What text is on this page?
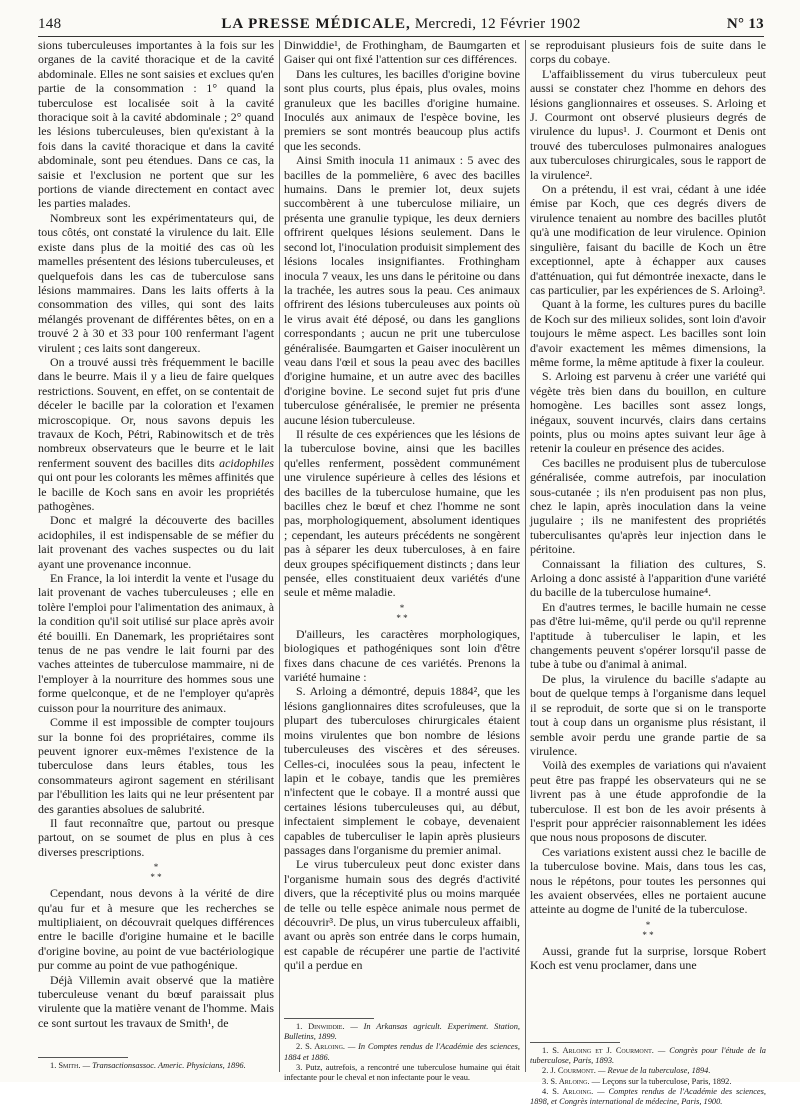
148	LA PRESSE MÉDICALE, Mercredi, 12 Février 1902	N° 13

sions tuberculeuses importantes à la fois sur les organes de la cavité thoracique et de la cavité abdominale. Elles ne sont saisies et exclues qu'en partie de la consommation : 1° quand la tuberculose est localisée soit à la cavité thoracique soit à la cavité abdominale ; 2° quand les lésions tuberculeuses, bien qu'existant à la fois dans la cavité thoracique et dans la cavité abdominale, sont peu étendues. Dans ce cas, la saisie et l'exclusion ne portent que sur les portions de viande directement en contact avec les parties malades.

Nombreux sont les expérimentateurs qui, de tous côtés, ont constaté la virulence du lait. Elle existe dans plus de la moitié des cas où les mamelles présentent des lésions tuberculeuses, et quelquefois dans les cas de tuberculose sans lésions mammaires. Dans les laits offerts à la consommation des villes, qui sont des laits mélangés provenant de différentes bêtes, on en a trouvé 2 à 30 et 33 pour 100 renfermant l'agent virulent ; ces laits sont dangereux.

On a trouvé aussi très fréquemment le bacille dans le beurre. Mais il y a lieu de faire quelques restrictions. Souvent, en effet, on se contentait de déceler le bacille par la coloration et l'examen microscopique. Or, nous savons depuis les travaux de Koch, Pétri, Rabinowitsch et de très nombreux observateurs que le beurre et le lait renferment souvent des bacilles dits acidophiles qui ont pour les colorants les mêmes affinités que le bacille de Koch sans en avoir les propriétés pathogènes.

Donc et malgré la découverte des bacilles acidophiles, il est indispensable de se méfier du lait provenant des vaches suspectes ou du lait ayant une provenance inconnue.

En France, la loi interdit la vente et l'usage du lait provenant de vaches tuberculeuses ; elle en tolère l'emploi pour l'alimentation des animaux, à la condition qu'il soit utilisé sur place après avoir été bouilli. En Danemark, les propriétaires sont tenus de ne pas vendre le lait fourni par des vaches atteintes de tuberculose mammaire, ni de l'employer à la nourriture des hommes sous une forme quelconque, et de ne l'employer qu'après cuisson pour la nourriture des animaux.

Comme il est impossible de compter toujours sur la bonne foi des propriétaires, comme ils peuvent ignorer eux-mêmes l'existence de la tuberculose dans leurs étables, tous les consommateurs agiront sagement en stérilisant par l'ébullition les laits qui ne leur présentent par des garanties absolues de salubrité.

Il faut reconnaître que, partout ou presque partout, on se soumet de plus en plus à ces diverses prescriptions.

*
* *

Cependant, nous devons à la vérité de dire qu'au fur et à mesure que les recherches se multipliaient, on découvrait quelques différences entre le bacille d'origine humaine et le bacille d'origine bovine, au point de vue bactériologique pur comme au point de vue pathogénique.

Déjà Villemin avait observé que la matière tuberculeuse venant du bœuf paraissait plus virulente que la matière venant de l'homme. Mais ce sont surtout les travaux de Smith¹, de

1. Smith. — Transactionsassoc. Americ. Physicians, 1896.

Dinwiddie¹, de Frothingham, de Baumgarten et Gaiser qui ont fixé l'attention sur ces différences.

Dans les cultures, les bacilles d'origine bovine sont plus courts, plus épais, plus ovales, moins granuleux que les bacilles d'origine humaine. Inoculés aux animaux de l'espèce bovine, les premiers se sont montrés beaucoup plus actifs que les seconds.

Ainsi Smith inocula 11 animaux : 5 avec des bacilles de la pommelière, 6 avec des bacilles humains. Dans le premier lot, deux sujets succombèrent à une tuberculose miliaire, un présenta une granulie typique, les deux derniers offrirent quelques lésions seulement. Dans le second lot, l'inoculation produisit simplement des lésions locales insignifiantes. Frothingham inocula 7 veaux, les uns dans le péritoine ou dans la trachée, les autres sous la peau. Ces animaux offrirent des lésions tuberculeuses aux points où le virus avait été déposé, ou dans les ganglions correspondants ; aucun ne prit une tuberculose généralisée. Baumgarten et Gaiser inoculèrent un veau dans l'œil et sous la peau avec des bacilles d'origine humaine, et un autre avec des bacilles d'origine bovine. Le second sujet fut pris d'une tuberculose généralisée, le premier ne présenta aucune lésion tuberculeuse.

Il résulte de ces expériences que les lésions de la tuberculose bovine, ainsi que les bacilles qu'elles renferment, possèdent communément une virulence supérieure à celles des lésions et des bacilles de la tuberculose humaine, que les bacilles chez le bœuf et chez l'homme ne sont pas, morphologiquement, absolument identiques ; cependant, les auteurs précédents ne songèrent pas à séparer les deux tuberculoses, à en faire deux groupes spécifiquement distincts ; dans leur pensée, elles constituaient deux variétés d'une seule et même maladie.

*
* *

D'ailleurs, les caractères morphologiques, biologiques et pathogéniques sont loin d'être fixes dans chacune de ces variétés. Prenons la variété humaine :

S. Arloing a démontré, depuis 1884², que les lésions ganglionnaires dites scrofuleuses, que la plupart des tuberculoses chirurgicales étaient moins virulentes que bon nombre de lésions tuberculeuses des viscères et des séreuses. Celles-ci, inoculées sous la peau, infectent le lapin et le cobaye, tandis que les premières n'infectent que le cobaye. Il a montré aussi que certaines lésions tuberculeuses qui, au début, infectaient simplement le cobaye, devenaient capables de tuberculiser le lapin après plusieurs passages dans l'organisme du premier animal.

Le virus tuberculeux peut donc exister dans l'organisme humain sous des degrés d'activité divers, que la réceptivité plus ou moins marquée de telle ou telle espèce animale nous permet de découvrir³. De plus, un virus tuberculeux affaibli, avant ou après son entrée dans le corps humain, est capable de récupérer une partie de l'activité qu'il a perdue en

1. Dinwiddie. — In Arkansas agricult. Experiment. Station, Bulletins, 1899.

2. S. Arloing. — In Comptes rendus de l'Académie des sciences, 1884 et 1886.

3. Putz, autrefois, a rencontré une tuberculose humaine qui était infectante pour le cheval et non infectante pour le veau.

se reproduisant plusieurs fois de suite dans le corps du cobaye.

L'affaiblissement du virus tuberculeux peut aussi se constater chez l'homme en dehors des lésions ganglionnaires et osseuses. S. Arloing et J. Courmont ont observé plusieurs degrés de virulence du lupus¹. J. Courmont et Denis ont trouvé des tuberculoses pulmonaires analogues aux tuberculoses chirurgicales, sous le rapport de la virulence².

On a prétendu, il est vrai, cédant à une idée émise par Koch, que ces degrés divers de virulence tenaient au nombre des bacilles plutôt qu'à une modification de leur virulence. Opinion singulière, faisant du bacille de Koch un être exceptionnel, apte à échapper aux causes d'atténuation, qui fut démontrée inexacte, dans le cas particulier, par les expériences de S. Arloing³.

Quant à la forme, les cultures pures du bacille de Koch sur des milieux solides, sont loin d'avoir toujours le même aspect. Les bacilles sont loin d'avoir exactement les mêmes dimensions, la même forme, la même aptitude à fixer la couleur.

S. Arloing est parvenu à créer une variété qui végète très bien dans du bouillon, en culture homogène. Les bacilles sont assez longs, inégaux, souvent incurvés, clairs dans certains points, plus ou moins aptes suivant leur âge à retenir la couleur en présence des acides.

Ces bacilles ne produisent plus de tuberculose généralisée, comme autrefois, par inoculation sous-cutanée ; ils n'en produisent pas non plus, chez le lapin, après inoculation dans la veine jugulaire ; ils ne manifestent des propriétés tuberculisantes qu'après leur injection dans le péritoine.

Connaissant la filiation des cultures, S. Arloing a donc assisté à l'apparition d'une variété du bacille de la tuberculose humaine⁴.

En d'autres termes, le bacille humain ne cesse pas d'être lui-même, qu'il perde ou qu'il reprenne l'aptitude à tuberculiser le lapin, et les changements peuvent s'opérer lorsqu'il passe de tube à tube ou d'animal à animal.

De plus, la virulence du bacille s'adapte au bout de quelque temps à l'organisme dans lequel il se reproduit, de sorte que si on le transporte tout à coup dans un organisme plus résistant, il semble avoir perdu une grande partie de sa virulence.

Voilà des exemples de variations qui n'avaient peut être pas frappé les observateurs qui ne se livrent pas à une étude approfondie de la tuberculose. Il est bon de les avoir présents à l'esprit pour apprécier raisonnablement les idées que nous nous proposons de discuter.

Ces variations existent aussi chez le bacille de la tuberculose bovine. Mais, dans tous les cas, nous le répétons, pour toutes les personnes qui les avaient observées, elles ne portaient aucune atteinte au dogme de l'unité de la tuberculose.

*
* *

Aussi, grande fut la surprise, lorsque Robert Koch est venu proclamer, dans une

1. S. Arloing et J. Courmont. — Congrès pour l'étude de la tuberculose, Paris, 1893.

2. J. Courmont. — Revue de la tuberculose, 1894.

3. S. Arloing. — Leçons sur la tuberculose, Paris, 1892.

4. S. Arloing. — Comptes rendus de l'Académie des sciences, 1898, et Congrès international de médecine, Paris, 1900.
